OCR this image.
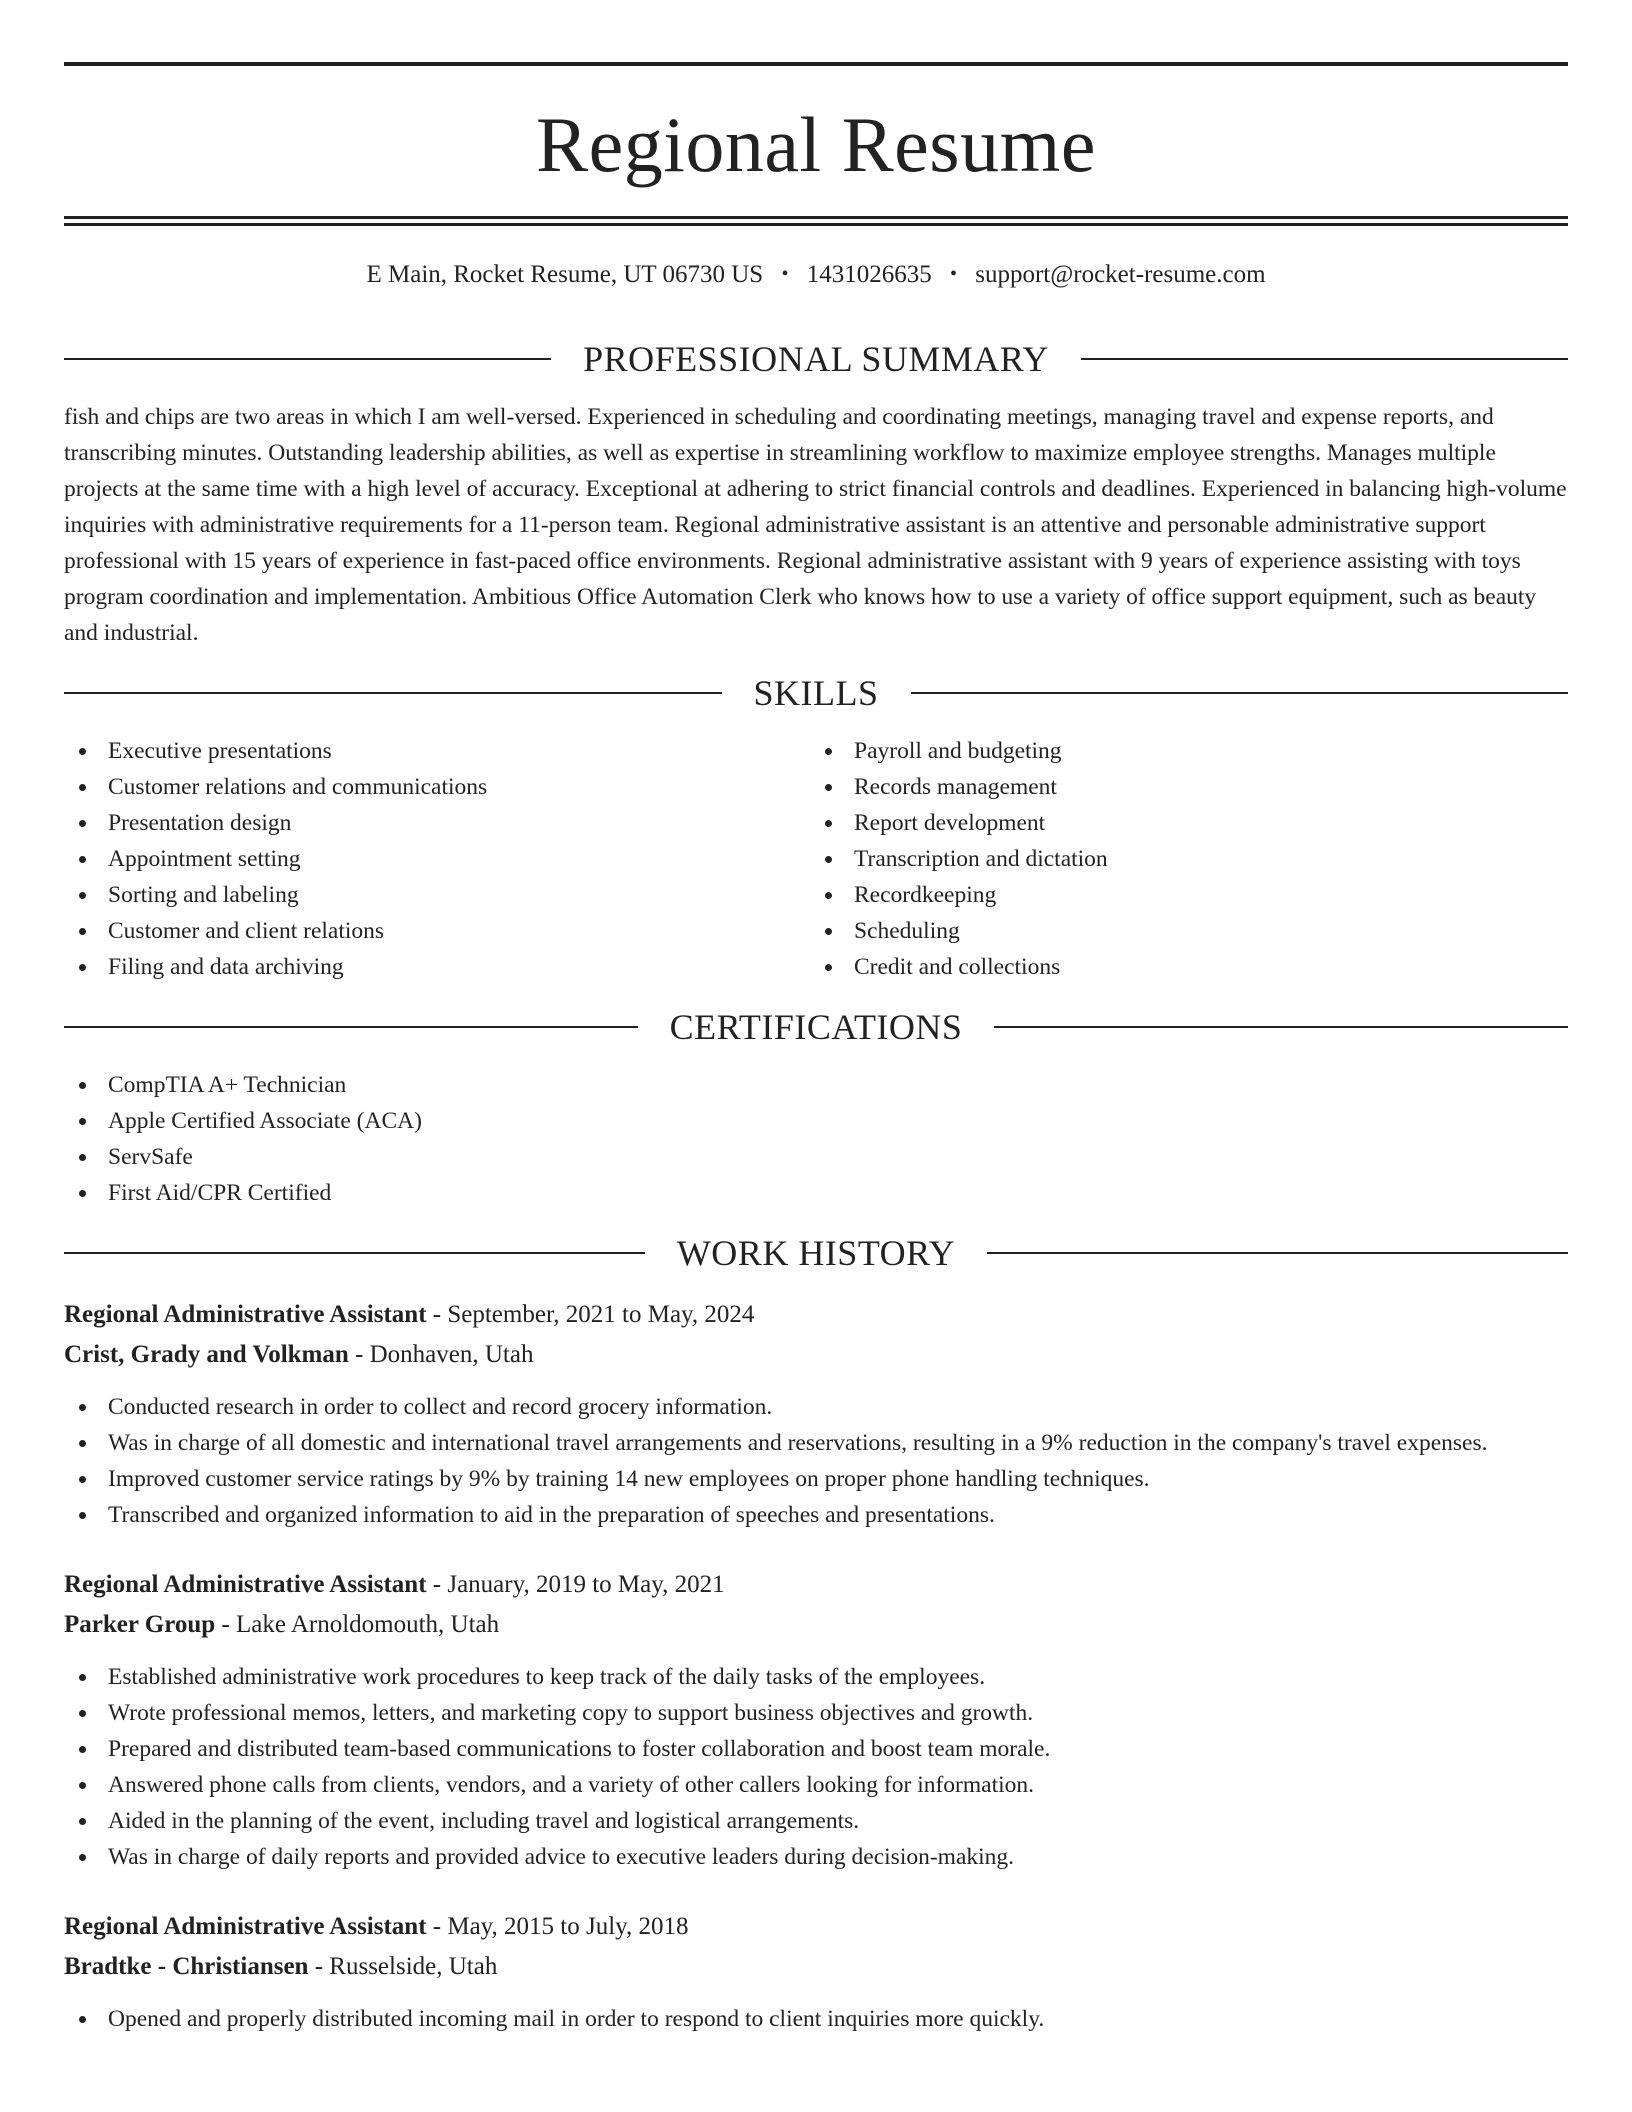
Regional Resume
E Main, Rocket Resume, UT 06730 US • 1431026635 • support@rocket-resume.com
PROFESSIONAL SUMMARY

fish and chips are two areas in which I am well-versed. Experienced in scheduling and coordinating meetings, managing travel and expense reports, and transcribing minutes. Outstanding leadership abilities, as well as expertise in streamlining workflow to maximize employee strengths. Manages multiple projects at the same time with a high level of accuracy. Exceptional at adhering to strict financial controls and deadlines. Experienced in balancing high-volume inquiries with administrative requirements for a 11-person team. Regional administrative assistant is an attentive and personable administrative support professional with 15 years of experience in fast-paced office environments. Regional administrative assistant with 9 years of experience assisting with toys program coordination and implementation. Ambitious Office Automation Clerk who knows how to use a variety of office support equipment, such as beauty and industrial.

SKILLS
Executive presentations
Customer relations and communications
Presentation design
Appointment setting
Sorting and labeling
Customer and client relations
Filing and data archiving
Payroll and budgeting
Records management
Report development
Transcription and dictation
Recordkeeping
Scheduling
Credit and collections
CERTIFICATIONS
CompTIA A+ Technician
Apple Certified Associate (ACA)
ServSafe
First Aid/CPR Certified
WORK HISTORY

Regional Administrative Assistant - September, 2021 to May, 2024

Crist, Grady and Volkman - Donhaven, Utah

Conducted research in order to collect and record grocery information.
Was in charge of all domestic and international travel arrangements and reservations, resulting in a 9% reduction in the company's travel expenses.
Improved customer service ratings by 9% by training 14 new employees on proper phone handling techniques.
Transcribed and organized information to aid in the preparation of speeches and presentations.

Regional Administrative Assistant - January, 2019 to May, 2021

Parker Group - Lake Arnoldomouth, Utah

Established administrative work procedures to keep track of the daily tasks of the employees.
Wrote professional memos, letters, and marketing copy to support business objectives and growth.
Prepared and distributed team-based communications to foster collaboration and boost team morale.
Answered phone calls from clients, vendors, and a variety of other callers looking for information.
Aided in the planning of the event, including travel and logistical arrangements.
Was in charge of daily reports and provided advice to executive leaders during decision-making.

Regional Administrative Assistant - May, 2015 to July, 2018

Bradtke - Christiansen - Russelside, Utah

Opened and properly distributed incoming mail in order to respond to client inquiries more quickly.
